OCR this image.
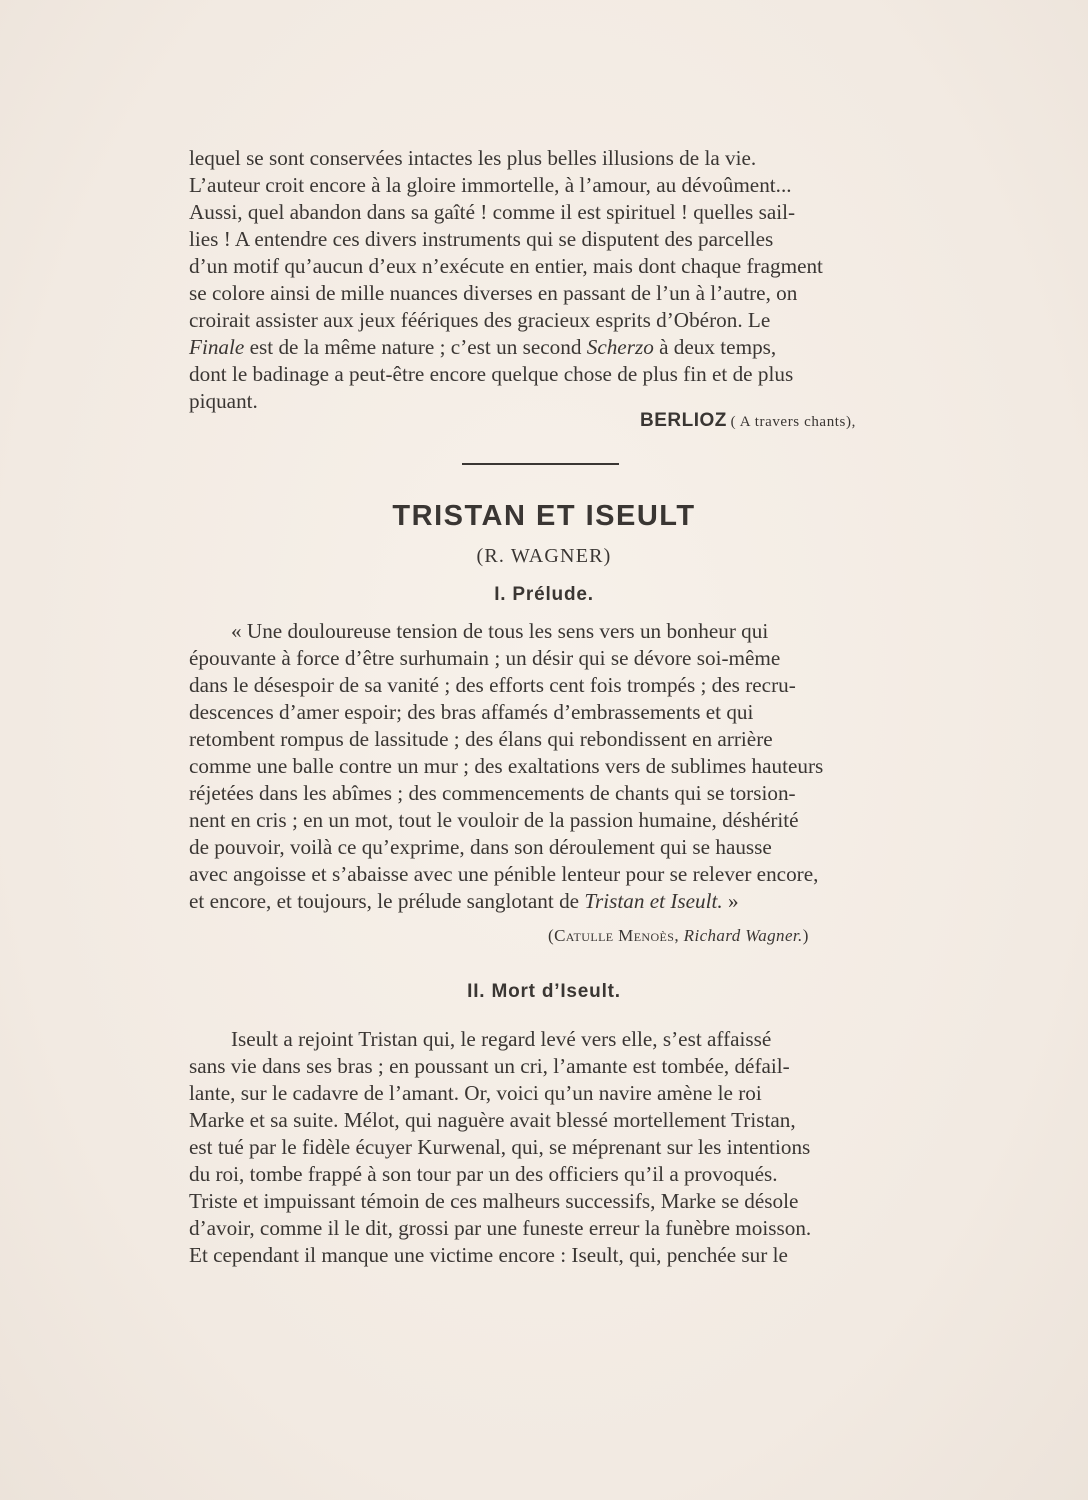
lequel se sont conservées intactes les plus belles illusions de la vie.

L’auteur croit encore à la gloire immortelle, à l’amour, au dévoûment...

Aussi, quel abandon dans sa gaîté ! comme il est spirituel ! quelles sail-

lies ! A entendre ces divers instruments qui se disputent des parcelles

d’un motif qu’aucun d’eux n’exécute en entier, mais dont chaque fragment

se colore ainsi de mille nuances diverses en passant de l’un à l’autre, on

croirait assister aux jeux féériques des gracieux esprits d’Obéron. Le

Finale est de la même nature ; c’est un second Scherzo à deux temps,

dont le badinage a peut-être encore quelque chose de plus fin et de plus

piquant.

BERLIOZ ( A travers chants),
TRISTAN ET ISEULT
(R. WAGNER)
I. Prélude.

« Une douloureuse tension de tous les sens vers un bonheur qui

épouvante à force d’être surhumain ; un désir qui se dévore soi-même

dans le désespoir de sa vanité ; des efforts cent fois trompés ; des recru-

descences d’amer espoir; des bras affamés d’embrassements et qui

retombent rompus de lassitude ; des élans qui rebondissent en arrière

comme une balle contre un mur ; des exaltations vers de sublimes hauteurs

réjetées dans les abîmes ; des commencements de chants qui se torsion-

nent en cris ; en un mot, tout le vouloir de la passion humaine, déshérité

de pouvoir, voilà ce qu’exprime, dans son déroulement qui se hausse

avec angoisse et s’abaisse avec une pénible lenteur pour se relever encore,

et encore, et toujours, le prélude sanglotant de Tristan et Iseult. »

(Catulle Menoès, Richard Wagner.)
II. Mort d’Iseult.

Iseult a rejoint Tristan qui, le regard levé vers elle, s’est affaissé

sans vie dans ses bras ; en poussant un cri, l’amante est tombée, défail-

lante, sur le cadavre de l’amant. Or, voici qu’un navire amène le roi

Marke et sa suite. Mélot, qui naguère avait blessé mortellement Tristan,

est tué par le fidèle écuyer Kurwenal, qui, se méprenant sur les intentions

du roi, tombe frappé à son tour par un des officiers qu’il a provoqués.

Triste et impuissant témoin de ces malheurs successifs, Marke se désole

d’avoir, comme il le dit, grossi par une funeste erreur la funèbre moisson.

Et cependant il manque une victime encore : Iseult, qui, penchée sur le
